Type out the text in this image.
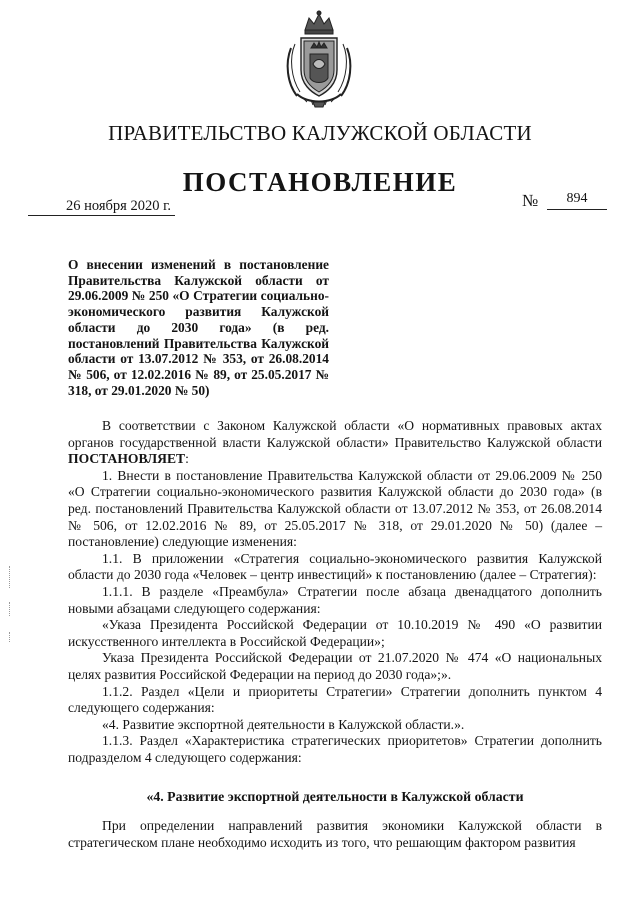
ПРАВИТЕЛЬСТВО КАЛУЖСКОЙ ОБЛАСТИ
ПОСТАНОВЛЕНИЕ
26 ноября 2020 г.	№	894

О внесении изменений в постановление Правительства Калужской области от 29.06.2009 № 250 «О Стратегии социально-экономического развития Калужской области до 2030 года» (в ред. постановлений Правительства Калужской области от 13.07.2012 № 353, от 26.08.2014 № 506, от 12.02.2016 № 89, от 25.05.2017 № 318, от 29.01.2020 № 50)

В соответствии с Законом Калужской области «О нормативных правовых актах органов государственной власти Калужской области» Правительство Калужской области ПОСТАНОВЛЯЕТ:

1. Внести в постановление Правительства Калужской области от 29.06.2009 № 250 «О Стратегии социально-экономического развития Калужской области до 2030 года» (в ред. постановлений Правительства Калужской области от 13.07.2012 № 353, от 26.08.2014 № 506, от 12.02.2016 № 89, от 25.05.2017 № 318, от 29.01.2020 № 50) (далее – постановление) следующие изменения:

1.1. В приложении «Стратегия социально-экономического развития Калужской области до 2030 года «Человек – центр инвестиций» к постановлению (далее – Стратегия):

1.1.1. В разделе «Преамбула» Стратегии после абзаца двенадцатого дополнить новыми абзацами следующего содержания:

«Указа Президента Российской Федерации от 10.10.2019 № 490 «О развитии искусственного интеллекта в Российской Федерации»;

Указа Президента Российской Федерации от 21.07.2020 № 474 «О национальных целях развития Российской Федерации на период до 2030 года»;».

1.1.2. Раздел «Цели и приоритеты Стратегии» Стратегии дополнить пунктом 4 следующего содержания:

«4. Развитие экспортной деятельности в Калужской области.».

1.1.3. Раздел «Характеристика стратегических приоритетов» Стратегии дополнить подразделом 4 следующего содержания:

«4. Развитие экспортной деятельности в Калужской области

При определении направлений развития экономики Калужской области в стратегическом плане необходимо исходить из того, что решающим фактором развития
